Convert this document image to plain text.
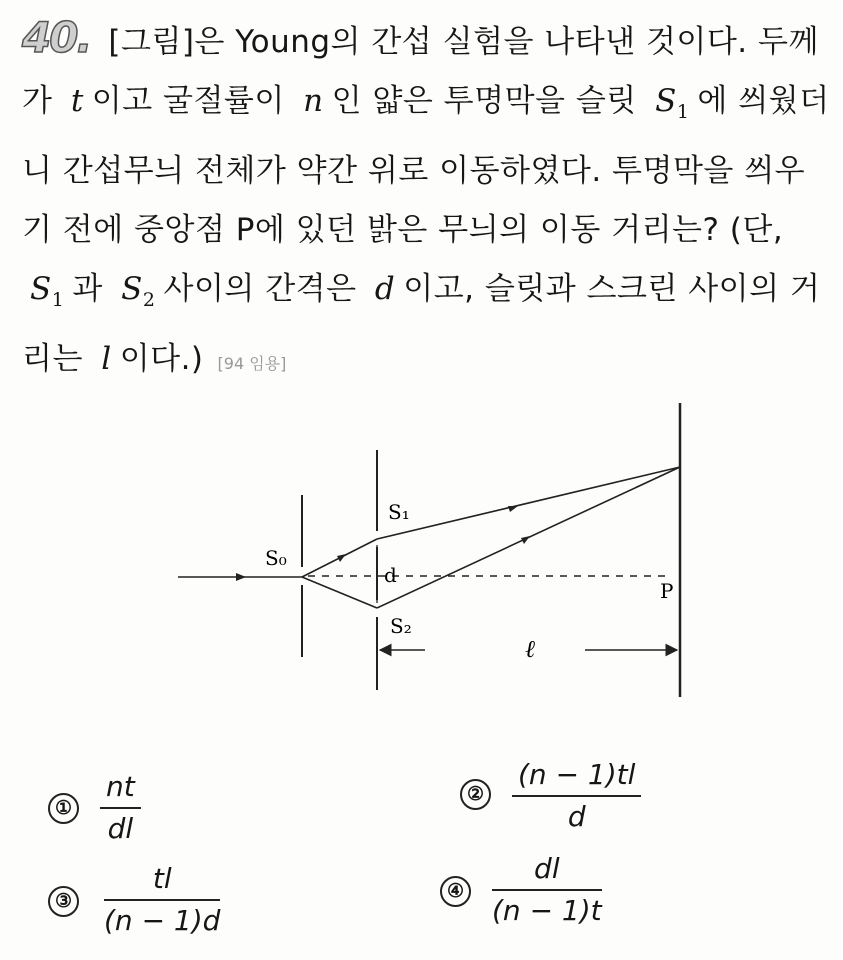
40. [그림]은 Young의 간섭 실험을 나타낸 것이다. 두께가 t 이고 굴절률이 n 인 얇은 투명막을 슬릿 $S_1$ 에 씌웠더니 간섭무늬 전체가 약간 위로 이동하였다. 투명막을 씌우기 전에 중앙점 P에 있던 밝은 무늬의 이동 거리는? (단, $S_1$ 과 $S_2$ 사이의 간격은 d 이고, 슬릿과 스크린 사이의 거리는 l 이다.) [94 임용]
S₀
S₁
S₂
d
P
ℓ
① $\frac{nt}{dl}$	② $\frac{(n - 1)tl}{d}$
③ $\frac{tl}{(n - 1)d}$	④ $\frac{dl}{(n - 1)t}$
